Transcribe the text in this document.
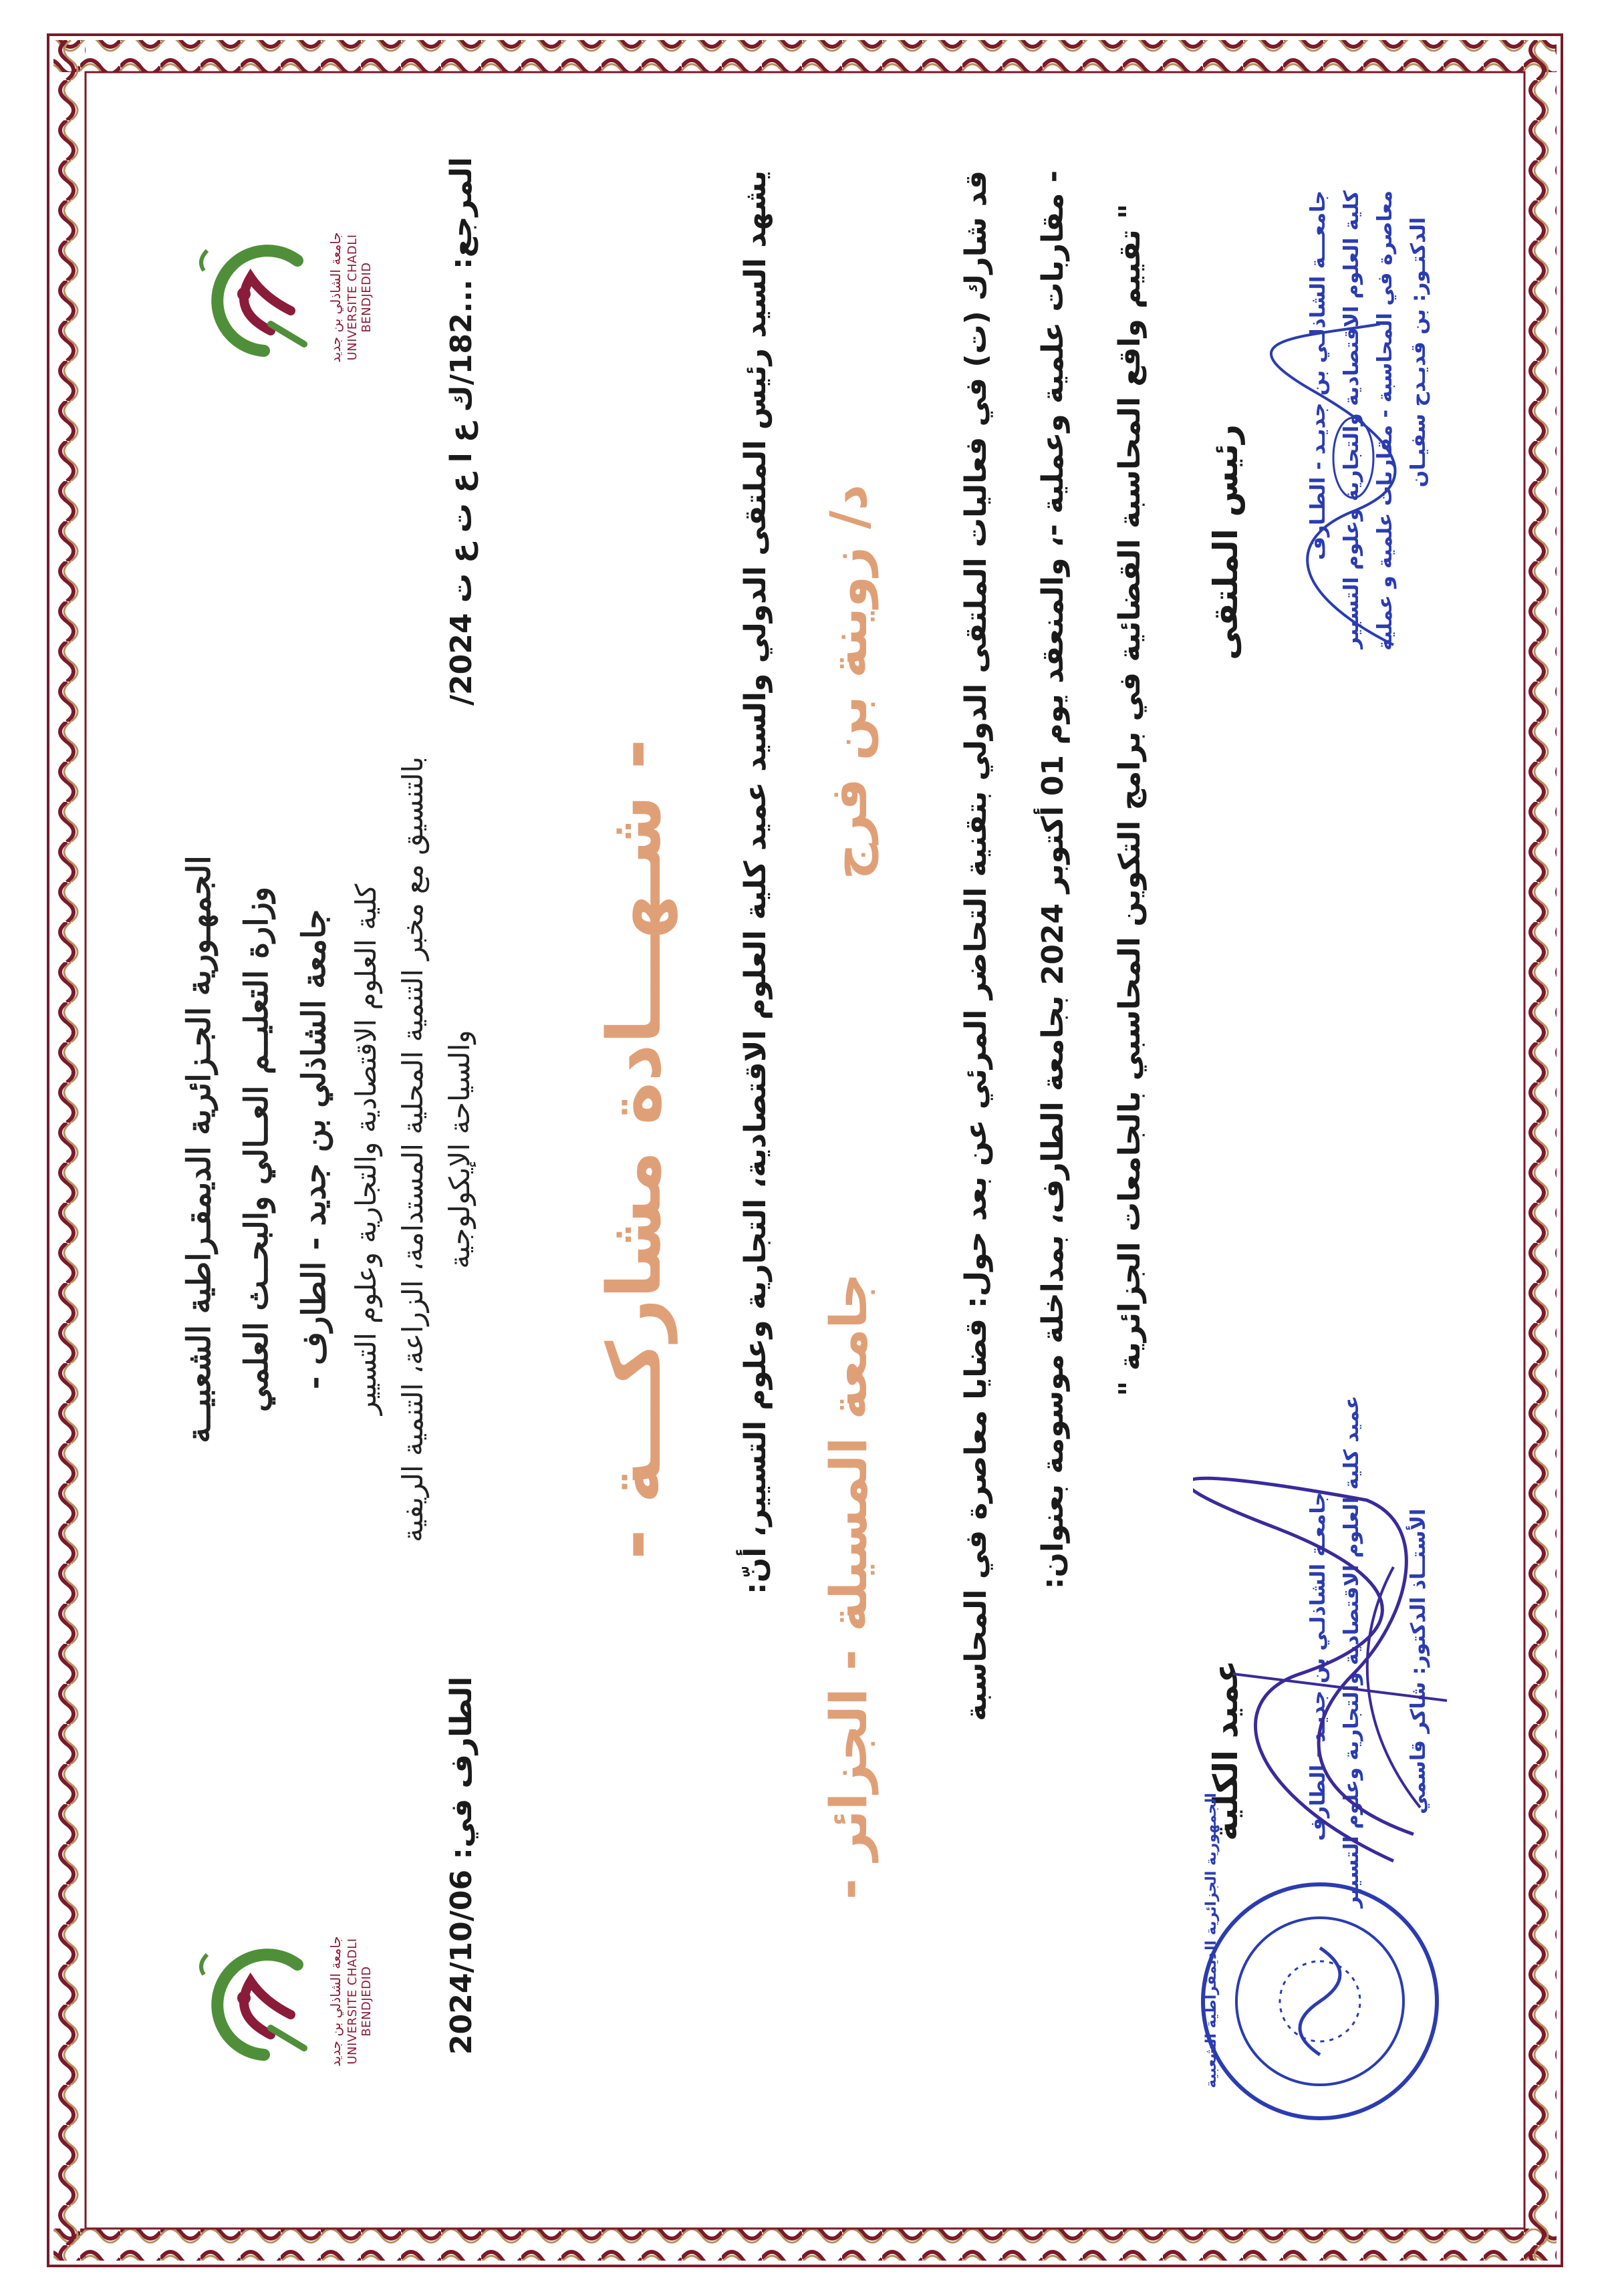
الجمهـورية الجـزائرية الديمقـراطية الشعبيــة وزارة التعليــم العــالي والبحــث العلمي جامعة الشاذلي بن جديد - الطارف - كلية العلوم الاقتصادية والتجارية وعلوم التسيير بالتنسيق مع مخبر التنمية المحلية المستدامة، الزراعة، التنمية الريفية والسياحة الإيكولوجية
جامعة الشاذلي بن جديد UNIVERSITE CHADLI BENDJEDID
جامعة الشاذلي بن جديد UNIVERSITE CHADLI BENDJEDID
المرجع: ...182/ك ع ا ع ت ع ت 2024/
الطارف في: 2024/10/06
- شـهـــادة مشاركـــة - يشهد السيد رئيس الملتقى الدولي والسيد عميد كلية العلوم الاقتصادية، التجارية وعلوم التسيير، أنّ: د/ زوينة بن فرج
جامعة المسيلة - الجزائر -	قد شارك (ت) في فعاليات الملتقى الدولي بتقنية التحاضر المرئي عن بعد حول: قضايا معاصرة في المحاسبة - مقاربات علمية وعملية -، والمنعقد يوم 01 أكتوبر 2024 بجامعة الطارف، بمداخلة موسومة بعنوان: " تقييم واقع المحاسبة القضائية في برامج التكوين المحاسبي بالجامعات الجزائرية " رئيس الملتقى
عميد الكلية
جامعـــة الشاذلـي بن جديـد - الطـارف كلية العلوم الاقتصادية والتجارية وعلوم التسيير معاصرة في المحاسبة - مقاربات علمية و عملية الدكتـور: بن قديـدح سفيـان
جامعـة الشاذلـي بن جديـد - الطارف عميد كلية العلوم الاقتصادية والتجارية وعلوم التسيير الأستــاذ الدكتور: شاكر قاسمي
الجمهورية الجزائرية الديمقراطية الشعبية
